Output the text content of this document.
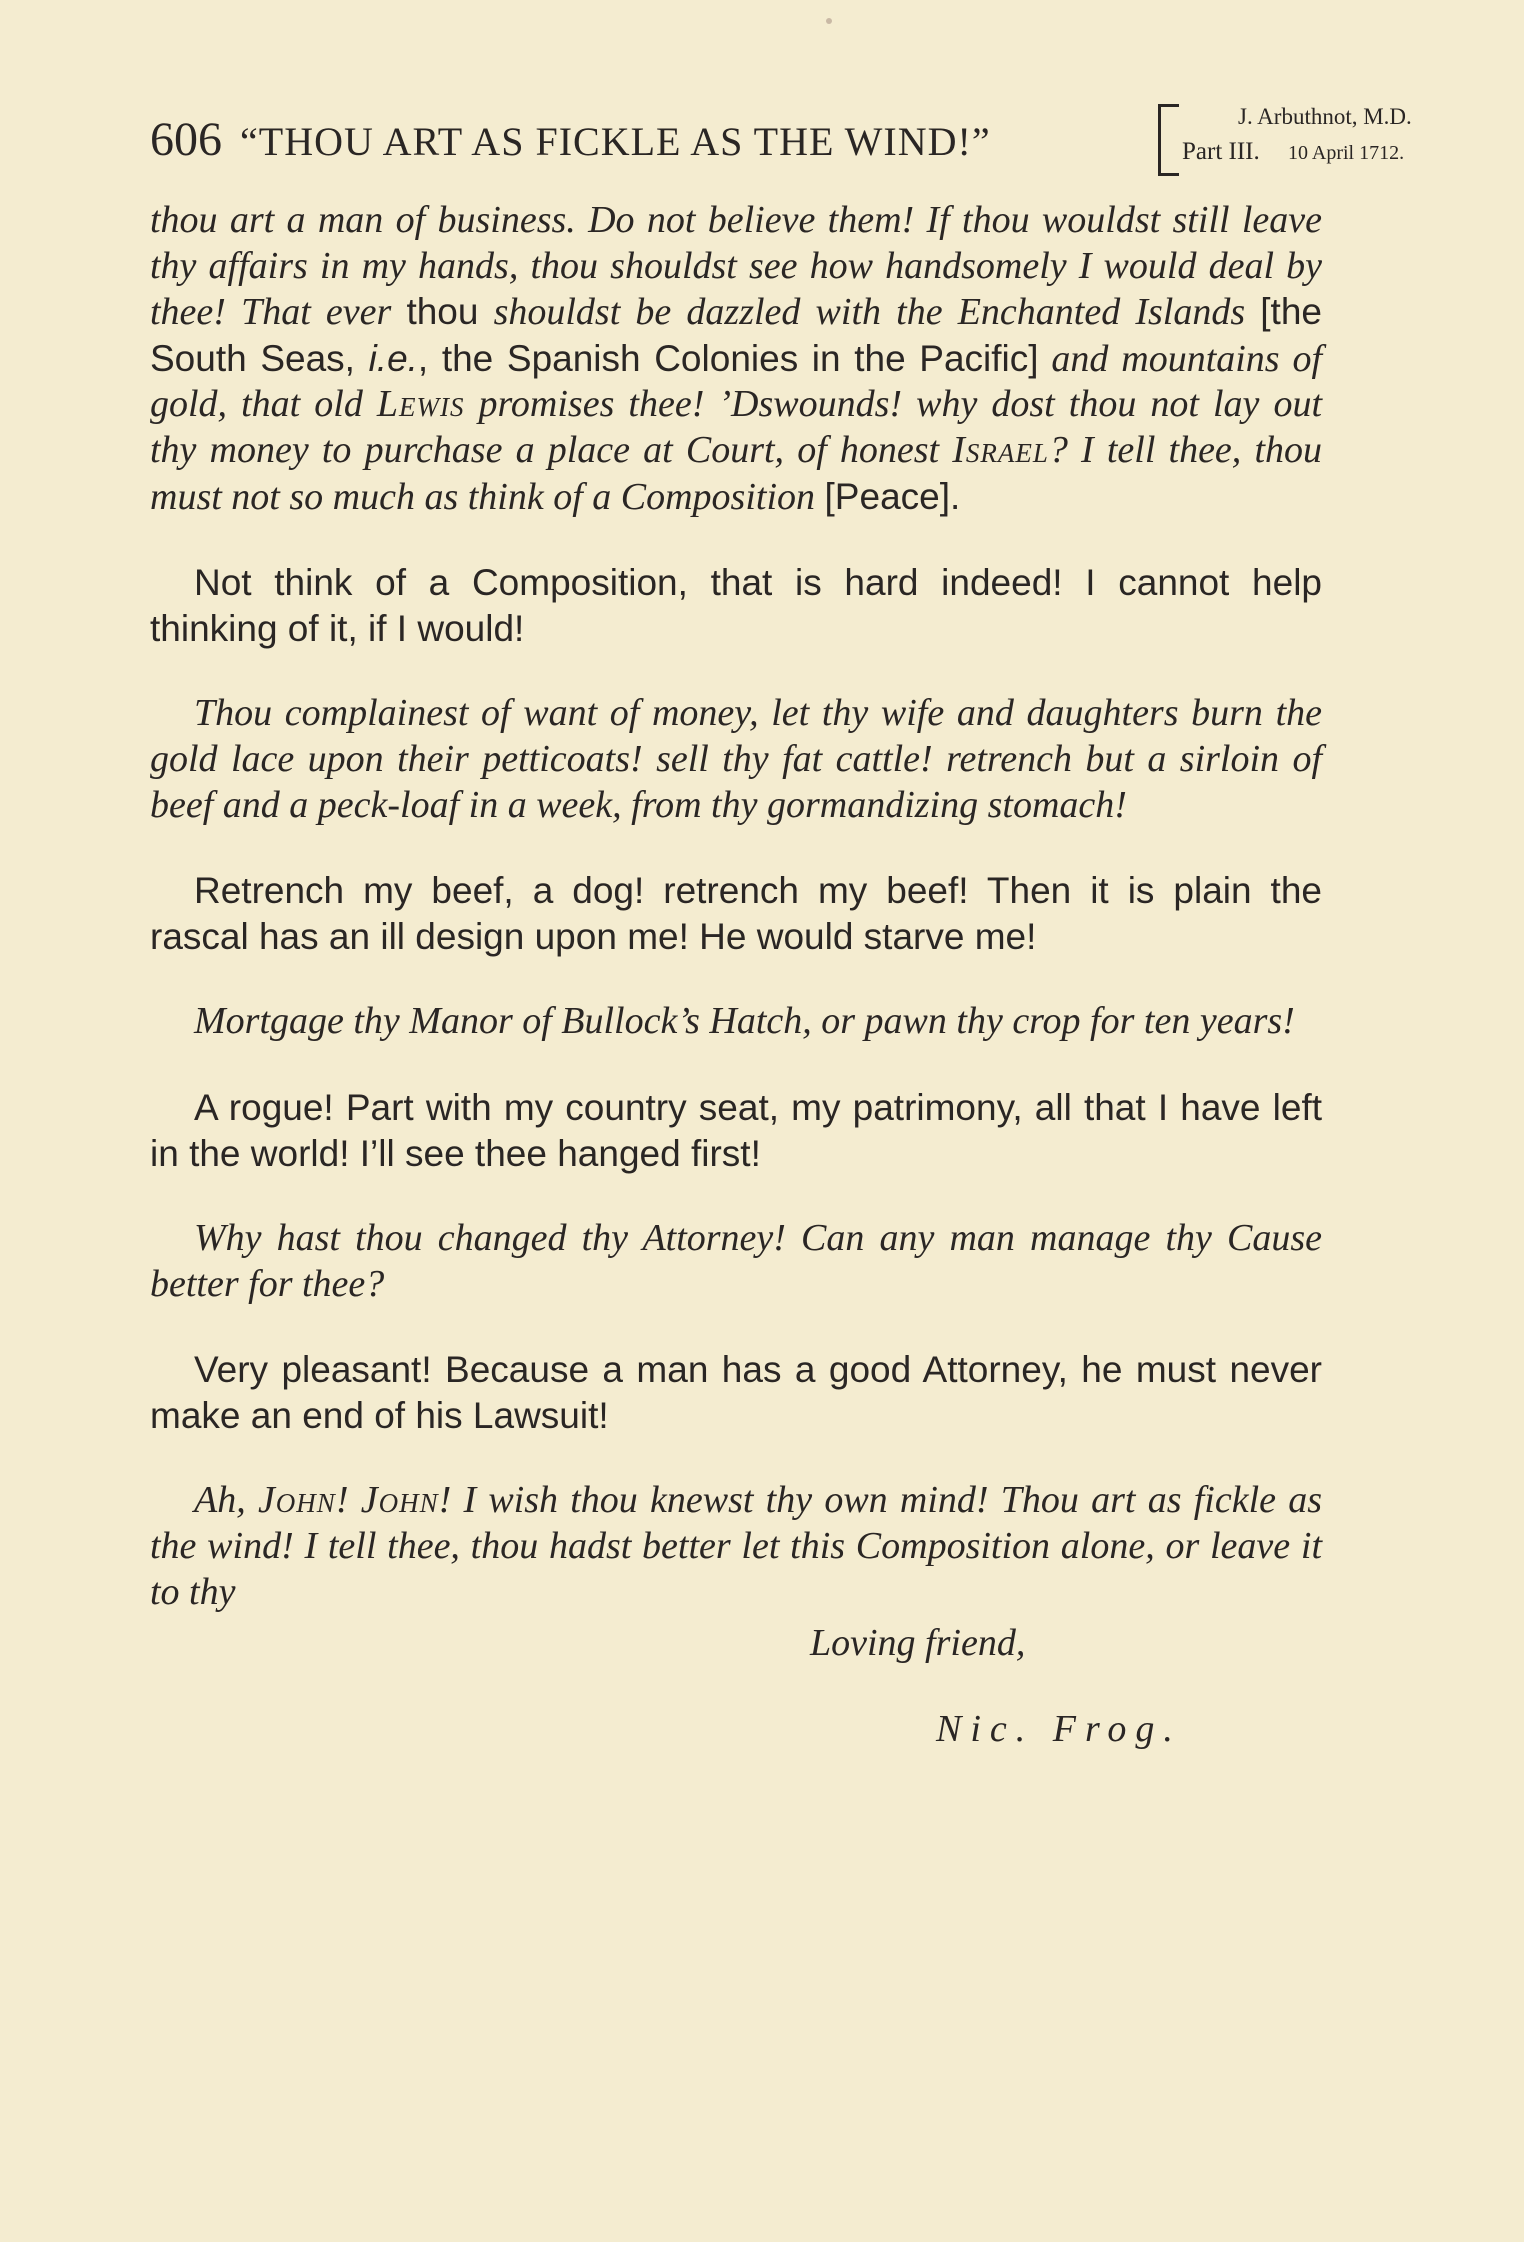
606 “THOU ART AS FICKLE AS THE WIND!”
J. Arbuthnot, M.D.
Part III. 10 April 1712.

thou art a man of business. Do not believe them! If thou wouldst still leave thy affairs in my hands, thou shouldst see how handsomely I would deal by thee! That ever thou shouldst be dazzled with the Enchanted Islands [the South Seas, i.e., the Spanish Colonies in the Pacific] and mountains of gold, that old Lewis promises thee! ’Dswounds! why dost thou not lay out thy money to purchase a place at Court, of honest Israel? I tell thee, thou must not so much as think of a Composition [Peace].

Not think of a Composition, that is hard indeed! I cannot help thinking of it, if I would!

Thou complainest of want of money, let thy wife and daughters burn the gold lace upon their petticoats! sell thy fat cattle! retrench but a sirloin of beef and a peck-loaf in a week, from thy gormandizing stomach!

Retrench my beef, a dog! retrench my beef! Then it is plain the rascal has an ill design upon me! He would starve me!

Mortgage thy Manor of Bullock’s Hatch, or pawn thy crop for ten years!

A rogue! Part with my country seat, my patrimony, all that I have left in the world! I’ll see thee hanged first!

Why hast thou changed thy Attorney! Can any man manage thy Cause better for thee?

Very pleasant! Because a man has a good Attorney, he must never make an end of his Lawsuit!

Ah, John! John! I wish thou knewst thy own mind! Thou art as fickle as the wind! I tell thee, thou hadst better let this Composition alone, or leave it to thy

Loving friend,

Nic. Frog.
